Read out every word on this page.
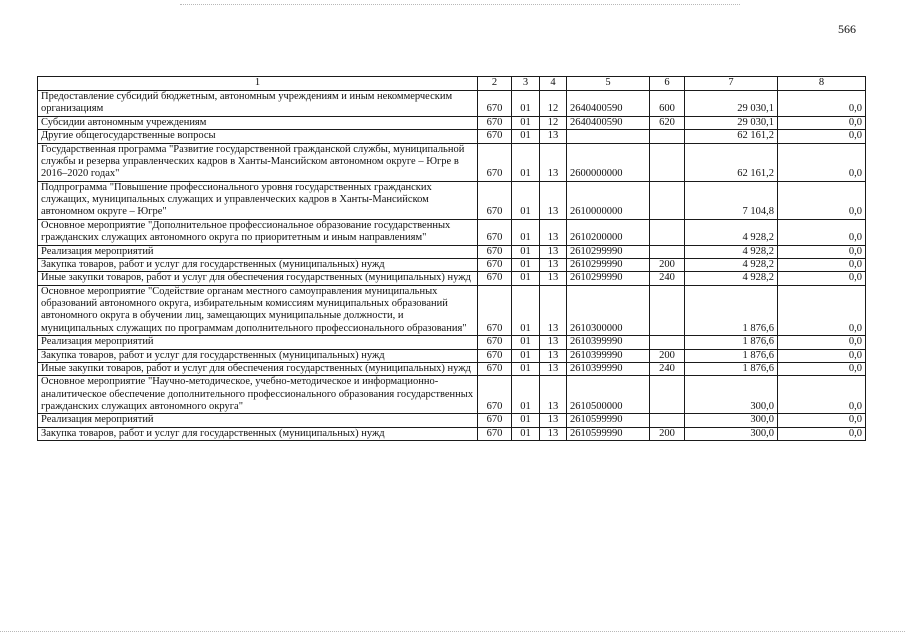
566
1	2	3	4	5	6	7	8
Предоставление субсидий бюджетным, автономным учреждениям и иным некоммерческим организациям	670	01	12	2640400590	600	29 030,1	0,0
Субсидии автономным учреждениям	670	01	12	2640400590	620	29 030,1	0,0
Другие общегосударственные вопросы	670	01	13			62 161,2	0,0
Государственная программа "Развитие государственной гражданской службы, муниципальной службы и резерва управленческих кадров в Ханты-Мансийском автономном округе – Югре в 2016–2020 годах"	670	01	13	2600000000		62 161,2	0,0
Подпрограмма "Повышение профессионального уровня государственных гражданских служащих, муниципальных служащих и управленческих кадров в Ханты-Мансийском автономном округе – Югре"	670	01	13	2610000000		7 104,8	0,0
Основное мероприятие "Дополнительное профессиональное образование государственных гражданских служащих автономного округа по приоритетным и иным направлениям"	670	01	13	2610200000		4 928,2	0,0
Реализация мероприятий	670	01	13	2610299990		4 928,2	0,0
Закупка товаров, работ и услуг для государственных (муниципальных) нужд	670	01	13	2610299990	200	4 928,2	0,0
Иные закупки товаров, работ и услуг для обеспечения государственных (муниципальных) нужд	670	01	13	2610299990	240	4 928,2	0,0
Основное мероприятие "Содействие органам местного самоуправления муниципальных образований автономного округа, избирательным комиссиям муниципальных образований автономного округа в обучении лиц, замещающих муниципальные должности, и муниципальных служащих по программам дополнительного профессионального образования"	670	01	13	2610300000		1 876,6	0,0
Реализация мероприятий	670	01	13	2610399990		1 876,6	0,0
Закупка товаров, работ и услуг для государственных (муниципальных) нужд	670	01	13	2610399990	200	1 876,6	0,0
Иные закупки товаров, работ и услуг для обеспечения государственных (муниципальных) нужд	670	01	13	2610399990	240	1 876,6	0,0
Основное мероприятие "Научно-методическое, учебно-методическое и информационно-аналитическое обеспечение дополнительного профессионального образования государственных гражданских служащих автономного округа"	670	01	13	2610500000		300,0	0,0
Реализация мероприятий	670	01	13	2610599990		300,0	0,0
Закупка товаров, работ и услуг для государственных (муниципальных) нужд	670	01	13	2610599990	200	300,0	0,0
